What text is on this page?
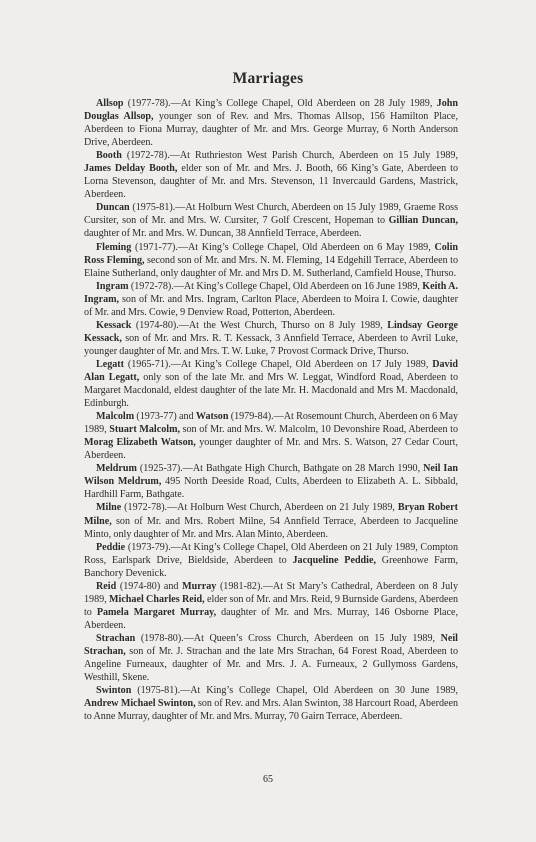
Marriages

Allsop (1977-78).—At King’s College Chapel, Old Aberdeen on 28 July 1989, John Douglas Allsop, younger son of Rev. and Mrs. Thomas Allsop, 156 Hamilton Place, Aberdeen to Fiona Murray, daughter of Mr. and Mrs. George Murray, 6 North Anderson Drive, Aberdeen.

Booth (1972-78).—At Ruthrieston West Parish Church, Aberdeen on 15 July 1989, James Delday Booth, elder son of Mr. and Mrs. J. Booth, 66 King’s Gate, Aberdeen to Lorna Stevenson, daughter of Mr. and Mrs. Stevenson, 11 Invercauld Gardens, Mastrick, Aberdeen.

Duncan (1975-81).—At Holburn West Church, Aberdeen on 15 July 1989, Graeme Ross Cursiter, son of Mr. and Mrs. W. Cursiter, 7 Golf Crescent, Hopeman to Gillian Duncan, daughter of Mr. and Mrs. W. Duncan, 38 Annfield Terrace, Aberdeen.

Fleming (1971-77).—At King’s College Chapel, Old Aberdeen on 6 May 1989, Colin Ross Fleming, second son of Mr. and Mrs. N. M. Fleming, 14 Edgehill Terrace, Aberdeen to Elaine Sutherland, only daughter of Mr. and Mrs D. M. Sutherland, Camfield House, Thurso.

Ingram (1972-78).—At King’s College Chapel, Old Aberdeen on 16 June 1989, Keith A. Ingram, son of Mr. and Mrs. Ingram, Carlton Place, Aberdeen to Moira I. Cowie, daughter of Mr. and Mrs. Cowie, 9 Denview Road, Potterton, Aberdeen.

Kessack (1974-80).—At the West Church, Thurso on 8 July 1989, Lindsay George Kessack, son of Mr. and Mrs. R. T. Kessack, 3 Annfield Terrace, Aberdeen to Avril Luke, younger daughter of Mr. and Mrs. T. W. Luke, 7 Provost Cormack Drive, Thurso.

Legatt (1965-71).—At King’s College Chapel, Old Aberdeen on 17 July 1989, David Alan Legatt, only son of the late Mr. and Mrs W. Leggat, Windford Road, Aberdeen to Margaret Macdonald, eldest daughter of the late Mr. H. Macdonald and Mrs M. Macdonald, Edinburgh.

Malcolm (1973-77) and Watson (1979-84).—At Rosemount Church, Aberdeen on 6 May 1989, Stuart Malcolm, son of Mr. and Mrs. W. Malcolm, 10 Devonshire Road, Aberdeen to Morag Elizabeth Watson, younger daughter of Mr. and Mrs. S. Watson, 27 Cedar Court, Aberdeen.

Meldrum (1925-37).—At Bathgate High Church, Bathgate on 28 March 1990, Neil Ian Wilson Meldrum, 495 North Deeside Road, Cults, Aberdeen to Elizabeth A. L. Sibbald, Hardhill Farm, Bathgate.

Milne (1972-78).—At Holburn West Church, Aberdeen on 21 July 1989, Bryan Robert Milne, son of Mr. and Mrs. Robert Milne, 54 Annfield Terrace, Aberdeen to Jacqueline Minto, only daughter of Mr. and Mrs. Alan Minto, Aberdeen.

Peddie (1973-79).—At King’s College Chapel, Old Aberdeen on 21 July 1989, Compton Ross, Earlspark Drive, Bieldside, Aberdeen to Jacqueline Peddie, Greenhowe Farm, Banchory Devenick.

Reid (1974-80) and Murray (1981-82).—At St Mary’s Cathedral, Aberdeen on 8 July 1989, Michael Charles Reid, elder son of Mr. and Mrs. Reid, 9 Burnside Gardens, Aberdeen to Pamela Margaret Murray, daughter of Mr. and Mrs. Murray, 146 Osborne Place, Aberdeen.

Strachan (1978-80).—At Queen’s Cross Church, Aberdeen on 15 July 1989, Neil Strachan, son of Mr. J. Strachan and the late Mrs Strachan, 64 Forest Road, Aberdeen to Angeline Furneaux, daughter of Mr. and Mrs. J. A. Furneaux, 2 Gullymoss Gardens, Westhill, Skene.

Swinton (1975-81).—At King’s College Chapel, Old Aberdeen on 30 June 1989, Andrew Michael Swinton, son of Rev. and Mrs. Alan Swinton, 38 Harcourt Road, Aberdeen to Anne Murray, daughter of Mr. and Mrs. Murray, 70 Gairn Terrace, Aberdeen.

65
